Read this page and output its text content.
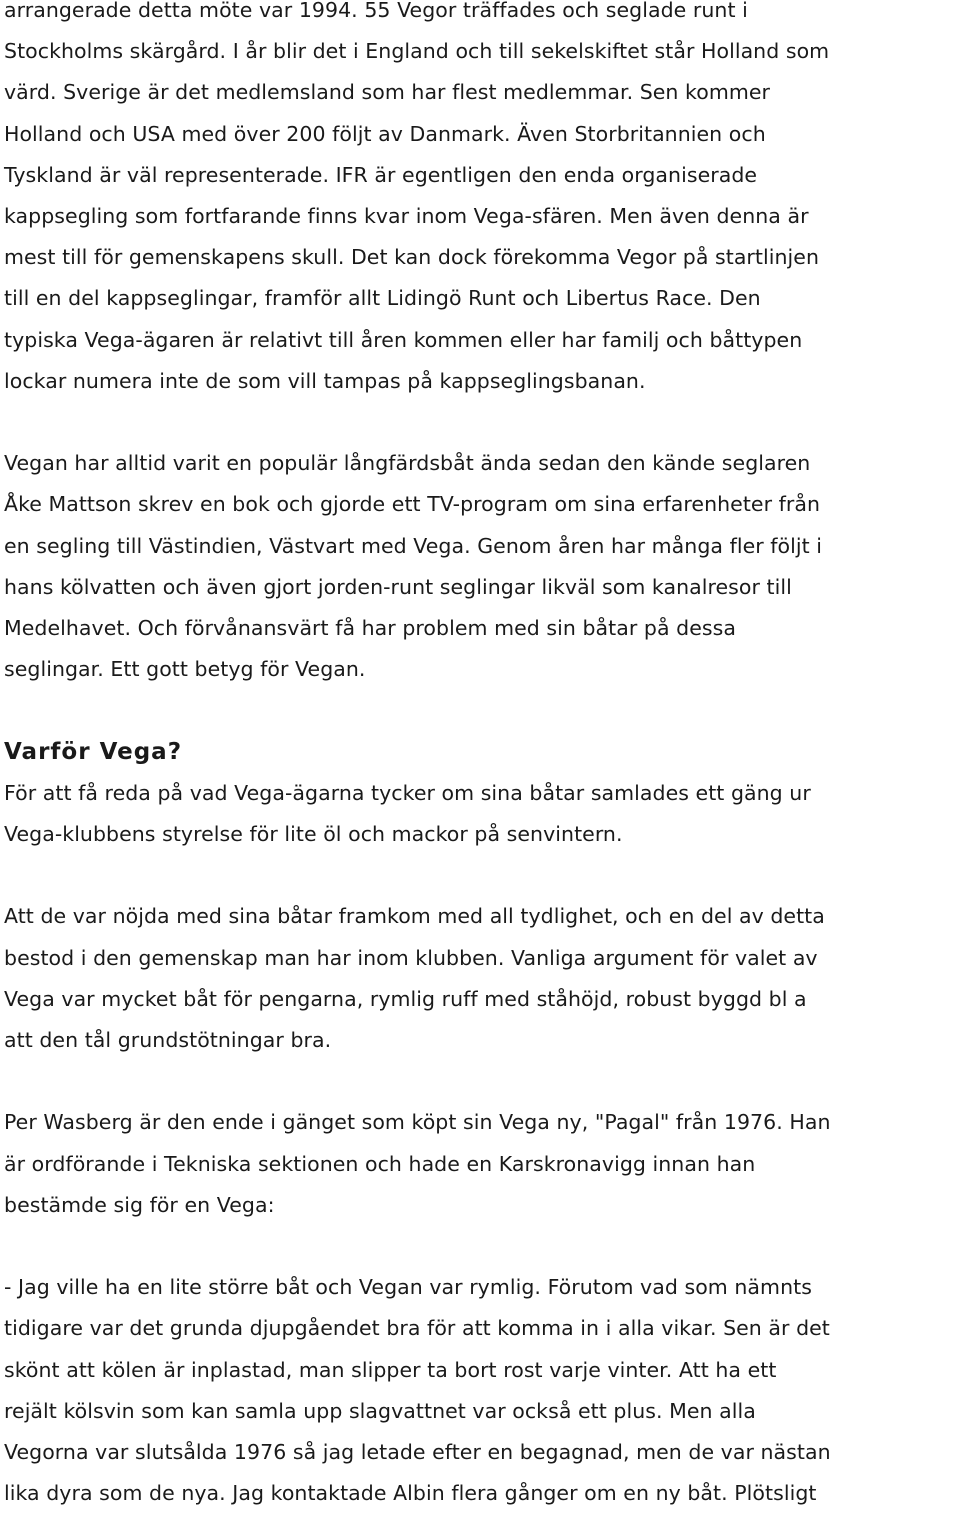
arrangerade detta möte var 1994. 55 Vegor träffades och seglade runt i
Stockholms skärgård. I år blir det i England och till sekelskiftet står Holland som
värd. Sverige är det medlemsland som har flest medlemmar. Sen kommer
Holland och USA med över 200 följt av Danmark. Även Storbritannien och
Tyskland är väl representerade. IFR är egentligen den enda organiserade
kappsegling som fortfarande finns kvar inom Vega-sfären. Men även denna är
mest till för gemenskapens skull. Det kan dock förekomma Vegor på startlinjen
till en del kappseglingar, framför allt Lidingö Runt och Libertus Race. Den
typiska Vega-ägaren är relativt till åren kommen eller har familj och båttypen
lockar numera inte de som vill tampas på kappseglingsbanan.

Vegan har alltid varit en populär långfärdsbåt ända sedan den kände seglaren
Åke Mattson skrev en bok och gjorde ett TV-program om sina erfarenheter från
en segling till Västindien, Västvart med Vega. Genom åren har många fler följt i
hans kölvatten och även gjort jorden-runt seglingar likväl som kanalresor till
Medelhavet. Och förvånansvärt få har problem med sin båtar på dessa
seglingar. Ett gott betyg för Vegan.

Varför Vega?

För att få reda på vad Vega-ägarna tycker om sina båtar samlades ett gäng ur
Vega-klubbens styrelse för lite öl och mackor på senvintern.

Att de var nöjda med sina båtar framkom med all tydlighet, och en del av detta
bestod i den gemenskap man har inom klubben. Vanliga argument för valet av
Vega var mycket båt för pengarna, rymlig ruff med ståhöjd, robust byggd bl a
att den tål grundstötningar bra.

Per Wasberg är den ende i gänget som köpt sin Vega ny, "Pagal" från 1976. Han
är ordförande i Tekniska sektionen och hade en Karskronavigg innan han
bestämde sig för en Vega:

- Jag ville ha en lite större båt och Vegan var rymlig. Förutom vad som nämnts
tidigare var det grunda djupgåendet bra för att komma in i alla vikar. Sen är det
skönt att kölen är inplastad, man slipper ta bort rost varje vinter. Att ha ett
rejält kölsvin som kan samla upp slagvattnet var också ett plus. Men alla
Vegorna var slutsålda 1976 så jag letade efter en begagnad, men de var nästan
lika dyra som de nya. Jag kontaktade Albin flera gånger om en ny båt. Plötsligt
